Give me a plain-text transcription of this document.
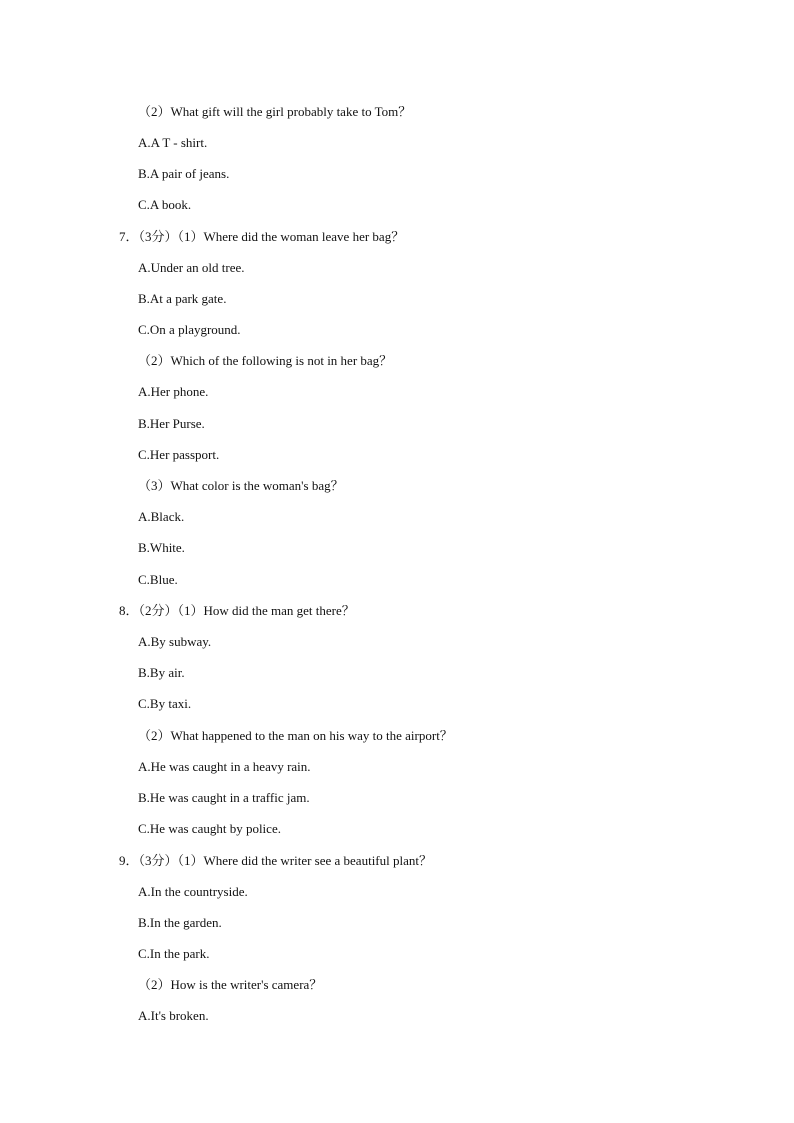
（2）What gift will the girl probably take to Tom？
A.A T - shirt.
B.A pair of jeans.
C.A book.
7．（3分）（1）Where did the woman leave her bag？
A.Under an old tree.
B.At a park gate.
C.On a playground.
（2）Which of the following is not in her bag？
A.Her phone.
B.Her Purse.
C.Her passport.
（3）What color is the woman's bag？
A.Black.
B.White.
C.Blue.
8．（2分）（1）How did the man get there？
A.By subway.
B.By air.
C.By taxi.
（2）What happened to the man on his way to the airport？
A.He was caught in a heavy rain.
B.He was caught in a traffic jam.
C.He was caught by police.
9．（3分）（1）Where did the writer see a beautiful plant？
A.In the countryside.
B.In the garden.
C.In the park.
（2）How is the writer's camera？
A.It's broken.
